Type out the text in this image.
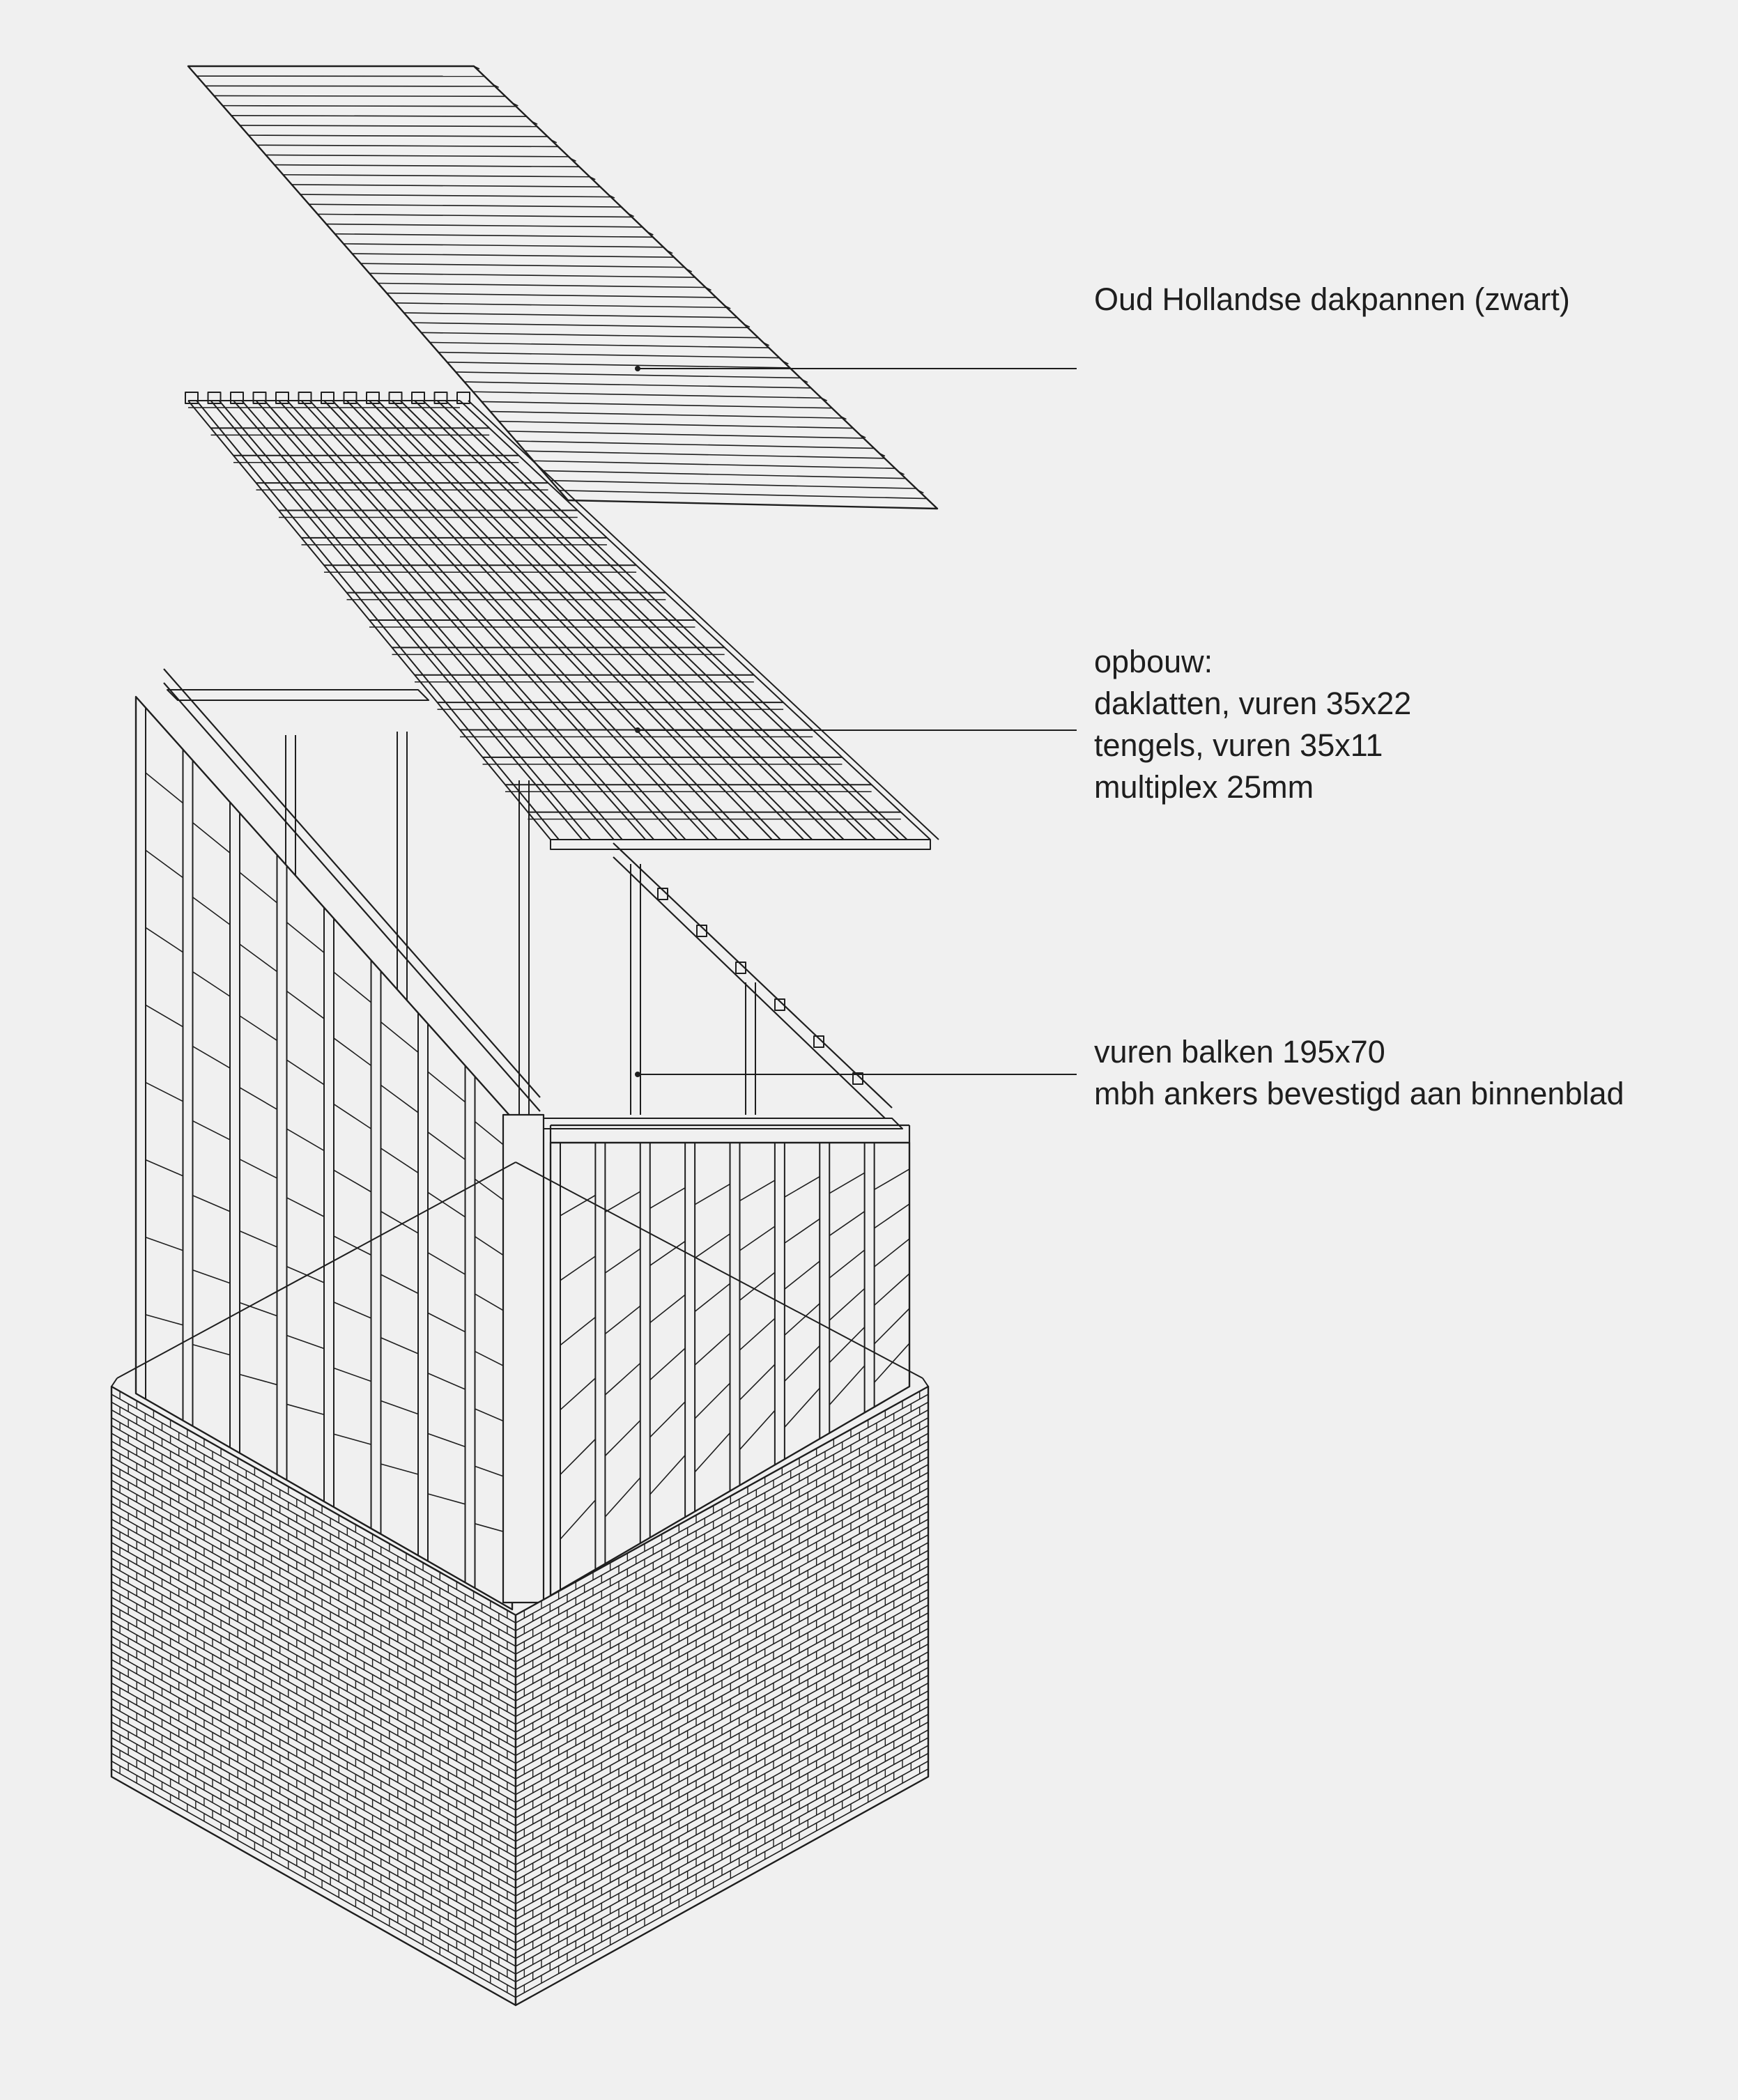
Oud Hollandse dakpannen (zwart)
opbouw:
daklatten, vuren 35x22
tengels, vuren 35x11
multiplex 25mm
vuren balken 195x70
mbh ankers bevestigd aan binnenblad
